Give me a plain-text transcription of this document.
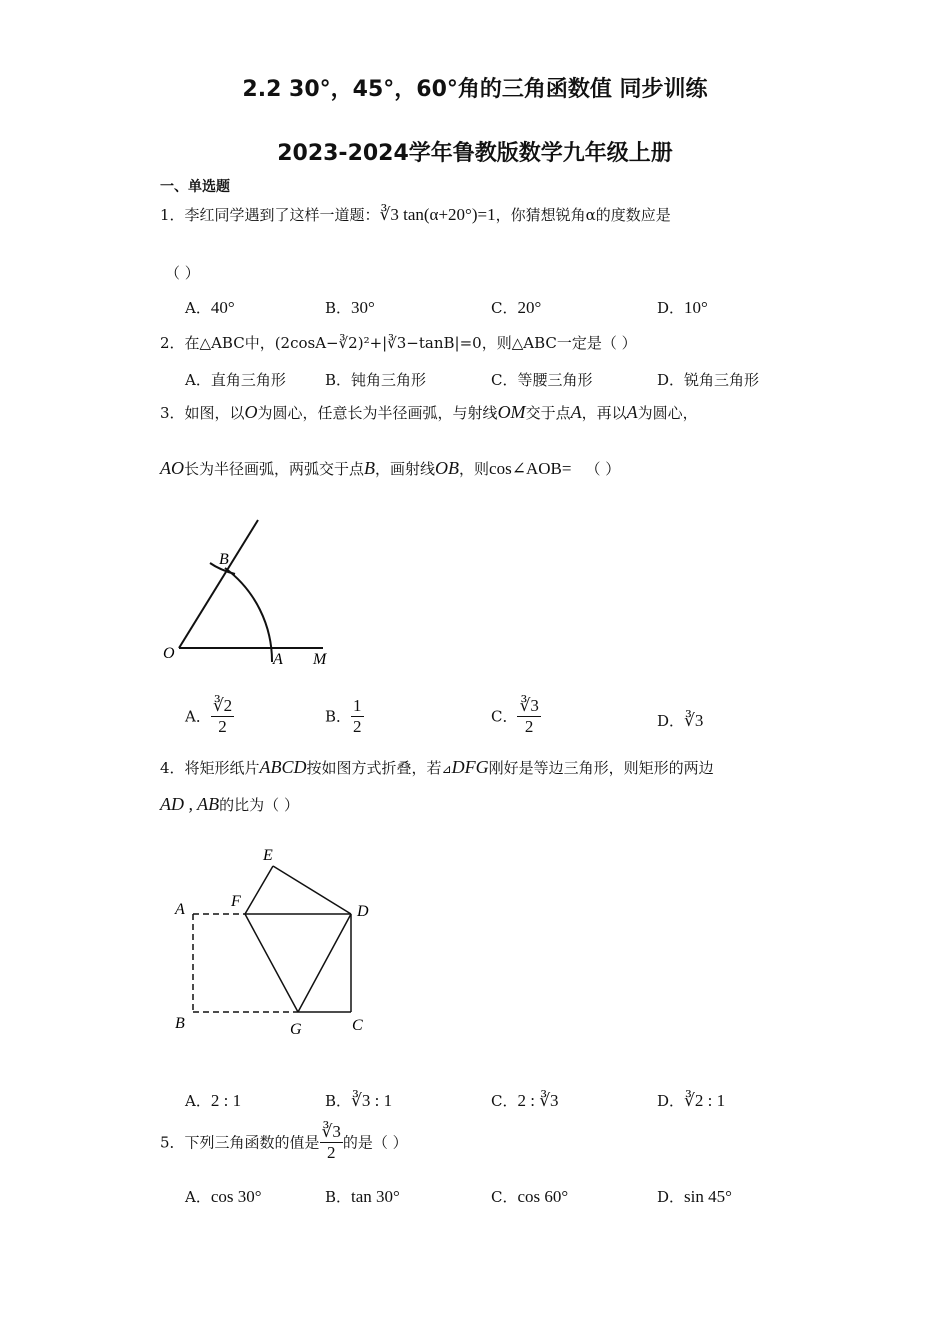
2.2 30°，45°，60°角的三角函数值 同步训练
2023-2024学年鲁教版数学九年级上册
一、单选题
1．李红同学遇到了这样一道题：∛3 tan(α+20°)=1，你猜想锐角α的度数应是
（ ）
A．40°	B．30°	C．20°	D．10°
2．在△ABC中，(2cosA−∛2)²+|∛3−tanB|=0，则△ABC一定是（ ）
A．直角三角形	B．钝角三角形	C．等腰三角形	D．锐角三角形
3．如图，以O为圆心，任意长为半径画弧，与射线OM交于点A，再以A为圆心，
AO长为半径画弧，两弧交于点B，画射线OB，则cos∠AOB= （ ）
B
O	A M
A． $\frac{∛2}{2}$	B． $\frac{1}{2}$	C． $\frac{∛3}{2}$	D．∛3
4．将矩形纸片ABCD按如图方式折叠，若⊿DFG刚好是等边三角形，则矩形的两边
AD , AB的比为（ ）
E
A	F
D
B	G	C
A．2 : 1	B．∛3 : 1	C．2 : ∛3	D．∛2 : 1
5．下列三角函数的值是 $\frac{∛3}{2}$ 的是（ ）
A．cos 30°	B．tan 30°	C．cos 60°	D．sin 45°
